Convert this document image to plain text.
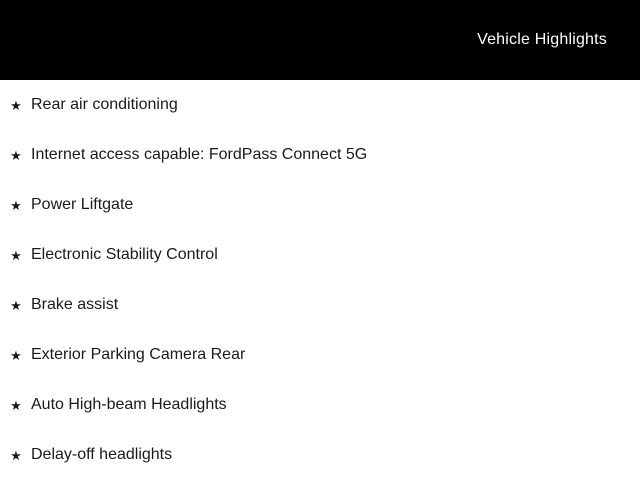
Vehicle Highlights
★ Rear air conditioning
★ Internet access capable: FordPass Connect 5G
★ Power Liftgate
★ Electronic Stability Control
★ Brake assist
★ Exterior Parking Camera Rear
★ Auto High-beam Headlights
★ Delay-off headlights
